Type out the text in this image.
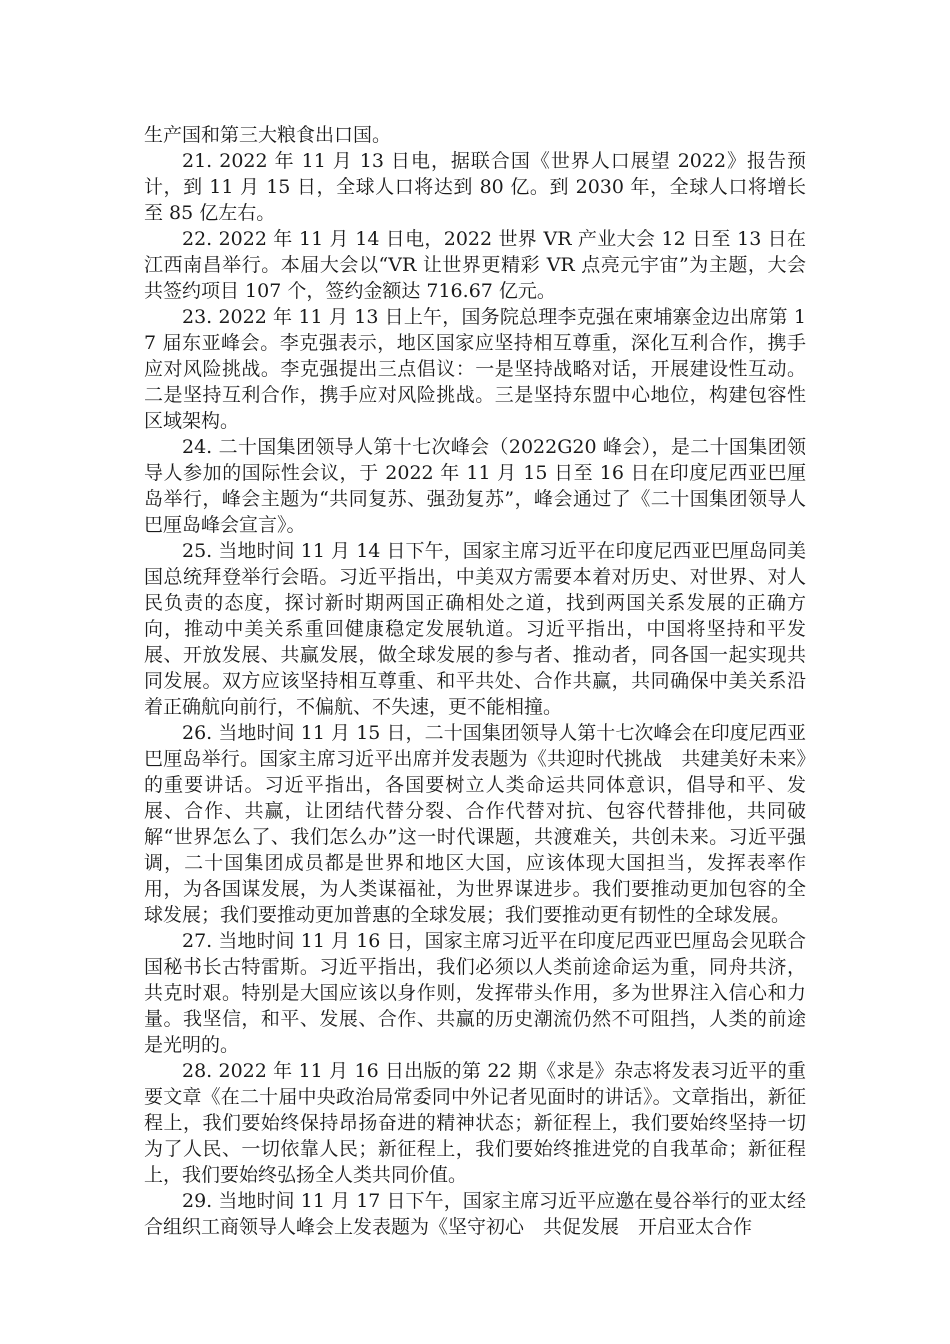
生产国和第三大粮食出口国。

21. 2022 年 11 月 13 日电，据联合国《世界人口展望 2022》报告预计，到 11 月 15 日，全球人口将达到 80 亿。到 2030 年，全球人口将增长至 85 亿左右。

22. 2022 年 11 月 14 日电，2022 世界 VR 产业大会 12 日至 13 日在江西南昌举行。本届大会以“VR 让世界更精彩 VR 点亮元宇宙”为主题，大会共签约项目 107 个，签约金额达 716.67 亿元。

23. 2022 年 11 月 13 日上午，国务院总理李克强在柬埔寨金边出席第 17 届东亚峰会。李克强表示，地区国家应坚持相互尊重，深化互利合作，携手应对风险挑战。李克强提出三点倡议：一是坚持战略对话，开展建设性互动。二是坚持互利合作，携手应对风险挑战。三是坚持东盟中心地位，构建包容性区域架构。

24. 二十国集团领导人第十七次峰会（2022G20 峰会），是二十国集团领导人参加的国际性会议，于 2022 年 11 月 15 日至 16 日在印度尼西亚巴厘岛举行，峰会主题为“共同复苏、强劲复苏”，峰会通过了《二十国集团领导人巴厘岛峰会宣言》。

25. 当地时间 11 月 14 日下午，国家主席习近平在印度尼西亚巴厘岛同美国总统拜登举行会晤。习近平指出，中美双方需要本着对历史、对世界、对人民负责的态度，探讨新时期两国正确相处之道，找到两国关系发展的正确方向，推动中美关系重回健康稳定发展轨道。习近平指出，中国将坚持和平发展、开放发展、共赢发展，做全球发展的参与者、推动者，同各国一起实现共同发展。双方应该坚持相互尊重、和平共处、合作共赢，共同确保中美关系沿着正确航向前行，不偏航、不失速，更不能相撞。

26. 当地时间 11 月 15 日，二十国集团领导人第十七次峰会在印度尼西亚巴厘岛举行。国家主席习近平出席并发表题为《共迎时代挑战　共建美好未来》的重要讲话。习近平指出，各国要树立人类命运共同体意识，倡导和平、发展、合作、共赢，让团结代替分裂、合作代替对抗、包容代替排他，共同破解“世界怎么了、我们怎么办”这一时代课题，共渡难关，共创未来。习近平强调，二十国集团成员都是世界和地区大国，应该体现大国担当，发挥表率作用，为各国谋发展，为人类谋福祉，为世界谋进步。我们要推动更加包容的全球发展；我们要推动更加普惠的全球发展；我们要推动更有韧性的全球发展。

27. 当地时间 11 月 16 日，国家主席习近平在印度尼西亚巴厘岛会见联合国秘书长古特雷斯。习近平指出，我们必须以人类前途命运为重，同舟共济，共克时艰。特别是大国应该以身作则，发挥带头作用，多为世界注入信心和力量。我坚信，和平、发展、合作、共赢的历史潮流仍然不可阻挡，人类的前途是光明的。

28. 2022 年 11 月 16 日出版的第 22 期《求是》杂志将发表习近平的重要文章《在二十届中央政治局常委同中外记者见面时的讲话》。文章指出，新征程上，我们要始终保持昂扬奋进的精神状态；新征程上，我们要始终坚持一切为了人民、一切依靠人民；新征程上，我们要始终推进党的自我革命；新征程上，我们要始终弘扬全人类共同价值。

29. 当地时间 11 月 17 日下午，国家主席习近平应邀在曼谷举行的亚太经合组织工商领导人峰会上发表题为《坚守初心　共促发展　开启亚太合作
